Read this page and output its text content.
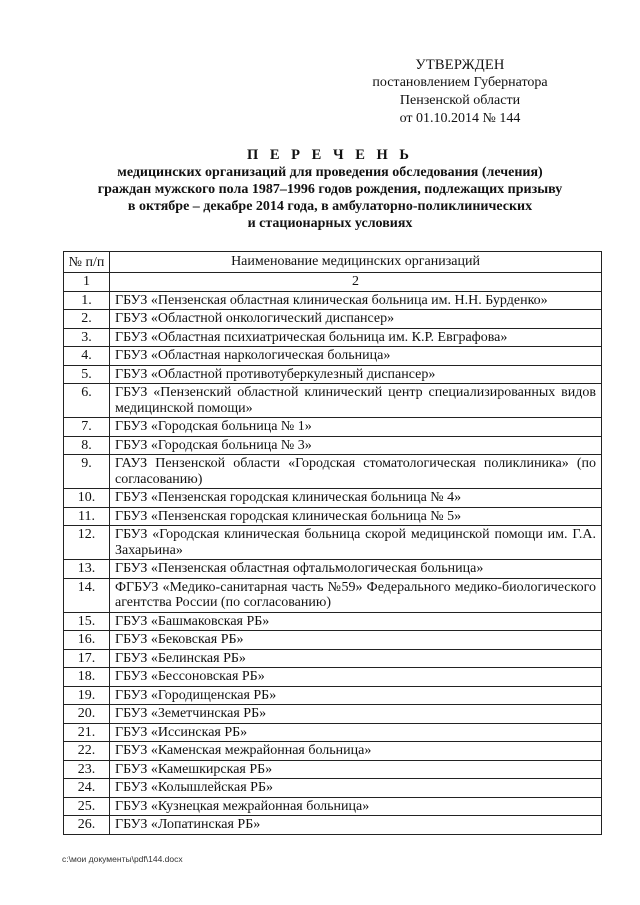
УТВЕРЖДЕН
постановлением Губернатора
Пензенской области
от 01.10.2014 № 144
П Е Р Е Ч Е Н Ь
медицинских организаций для проведения обследования (лечения)
граждан мужского пола 1987–1996 годов рождения, подлежащих призыву
в октябре – декабре 2014 года, в амбулаторно-поликлинических
и стационарных условиях
№ п/п	Наименование медицинских организаций
1	2
1.	ГБУЗ «Пензенская областная клиническая больница им. Н.Н. Бурденко»
2.	ГБУЗ «Областной онкологический диспансер»
3.	ГБУЗ «Областная психиатрическая больница им. К.Р. Евграфова»
4.	ГБУЗ «Областная наркологическая больница»
5.	ГБУЗ «Областной противотуберкулезный диспансер»
6.	ГБУЗ «Пензенский областной клинический центр специализированных видов медицинской помощи»
7.	ГБУЗ «Городская больница № 1»
8.	ГБУЗ «Городская больница № 3»
9.	ГАУЗ Пензенской области «Городская стоматологическая поликлиника» (по согласованию)
10.	ГБУЗ «Пензенская городская клиническая больница № 4»
11.	ГБУЗ «Пензенская городская клиническая больница № 5»
12.	ГБУЗ «Городская клиническая больница скорой медицинской помощи им. Г.А. Захарьина»
13.	ГБУЗ «Пензенская областная офтальмологическая больница»
14.	ФГБУЗ «Медико-санитарная часть №59» Федерального медико-биологического агентства России (по согласованию)
15.	ГБУЗ «Башмаковская РБ»
16.	ГБУЗ «Бековская РБ»
17.	ГБУЗ «Белинская РБ»
18.	ГБУЗ «Бессоновская РБ»
19.	ГБУЗ «Городищенская РБ»
20.	ГБУЗ «Земетчинская РБ»
21.	ГБУЗ «Иссинская РБ»
22.	ГБУЗ «Каменская межрайонная больница»
23.	ГБУЗ «Камешкирская РБ»
24.	ГБУЗ «Колышлейская РБ»
25.	ГБУЗ «Кузнецкая межрайонная больница»
26.	ГБУЗ «Лопатинская РБ»
c:\мои документы\pdf\144.docx
